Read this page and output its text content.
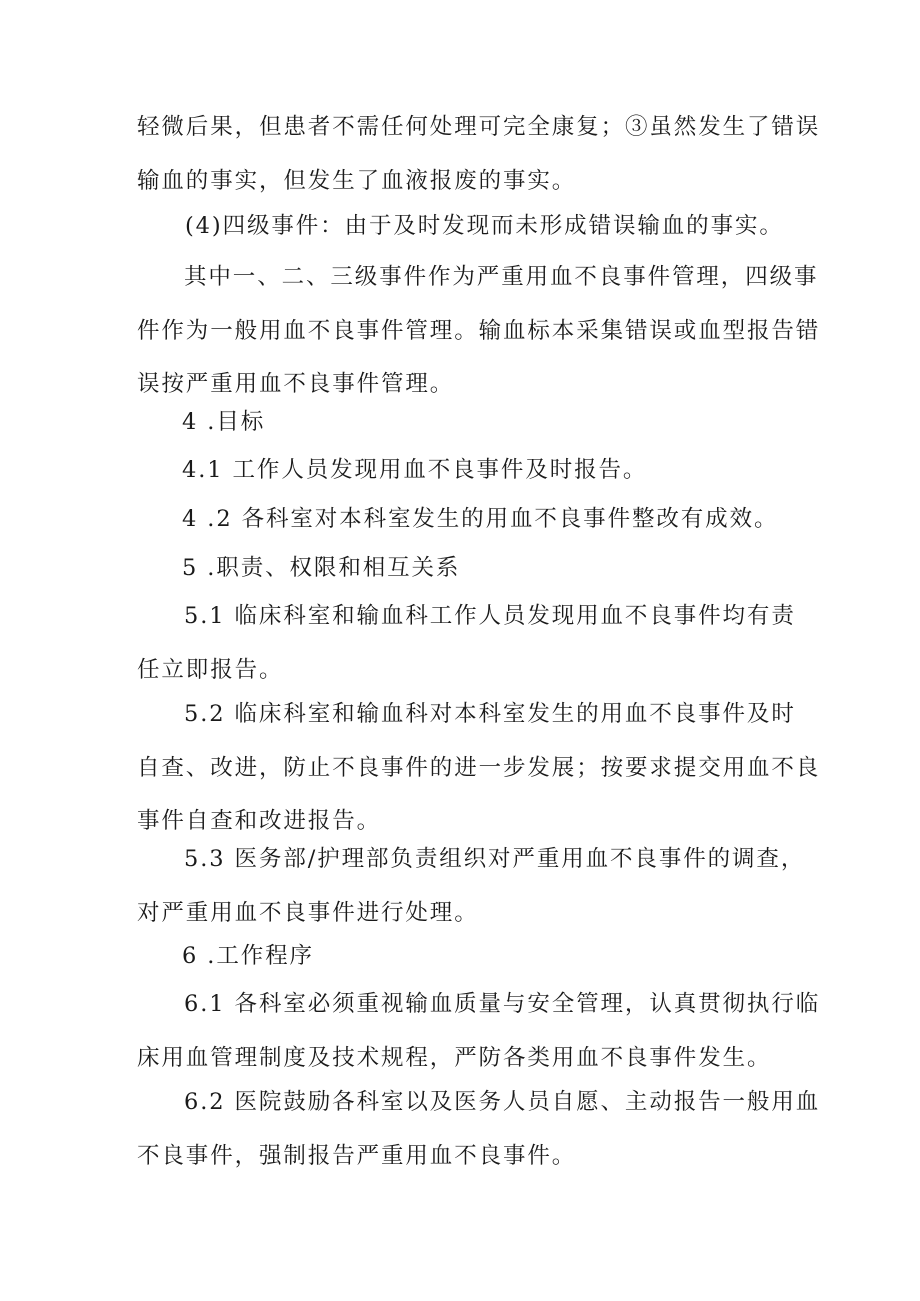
轻微后果，但患者不需任何处理可完全康复；③虽然发生了错误
输血的事实，但发生了血液报废的事实。
(4)四级事件：由于及时发现而未形成错误输血的事实。
其中一、二、三级事件作为严重用血不良事件管理，四级事
件作为一般用血不良事件管理。输血标本采集错误或血型报告错
误按严重用血不良事件管理。
4 .目标
4.1 工作人员发现用血不良事件及时报告。
4 .2 各科室对本科室发生的用血不良事件整改有成效。
5 .职责、权限和相互关系
5.1 临床科室和输血科工作人员发现用血不良事件均有责
任立即报告。
5.2 临床科室和输血科对本科室发生的用血不良事件及时
自查、改进，防止不良事件的进一步发展；按要求提交用血不良
事件自查和改进报告。
5.3 医务部/护理部负责组织对严重用血不良事件的调查，
对严重用血不良事件进行处理。
6 .工作程序
6.1 各科室必须重视输血质量与安全管理，认真贯彻执行临
床用血管理制度及技术规程，严防各类用血不良事件发生。
6.2 医院鼓励各科室以及医务人员自愿、主动报告一般用血
不良事件，强制报告严重用血不良事件。
